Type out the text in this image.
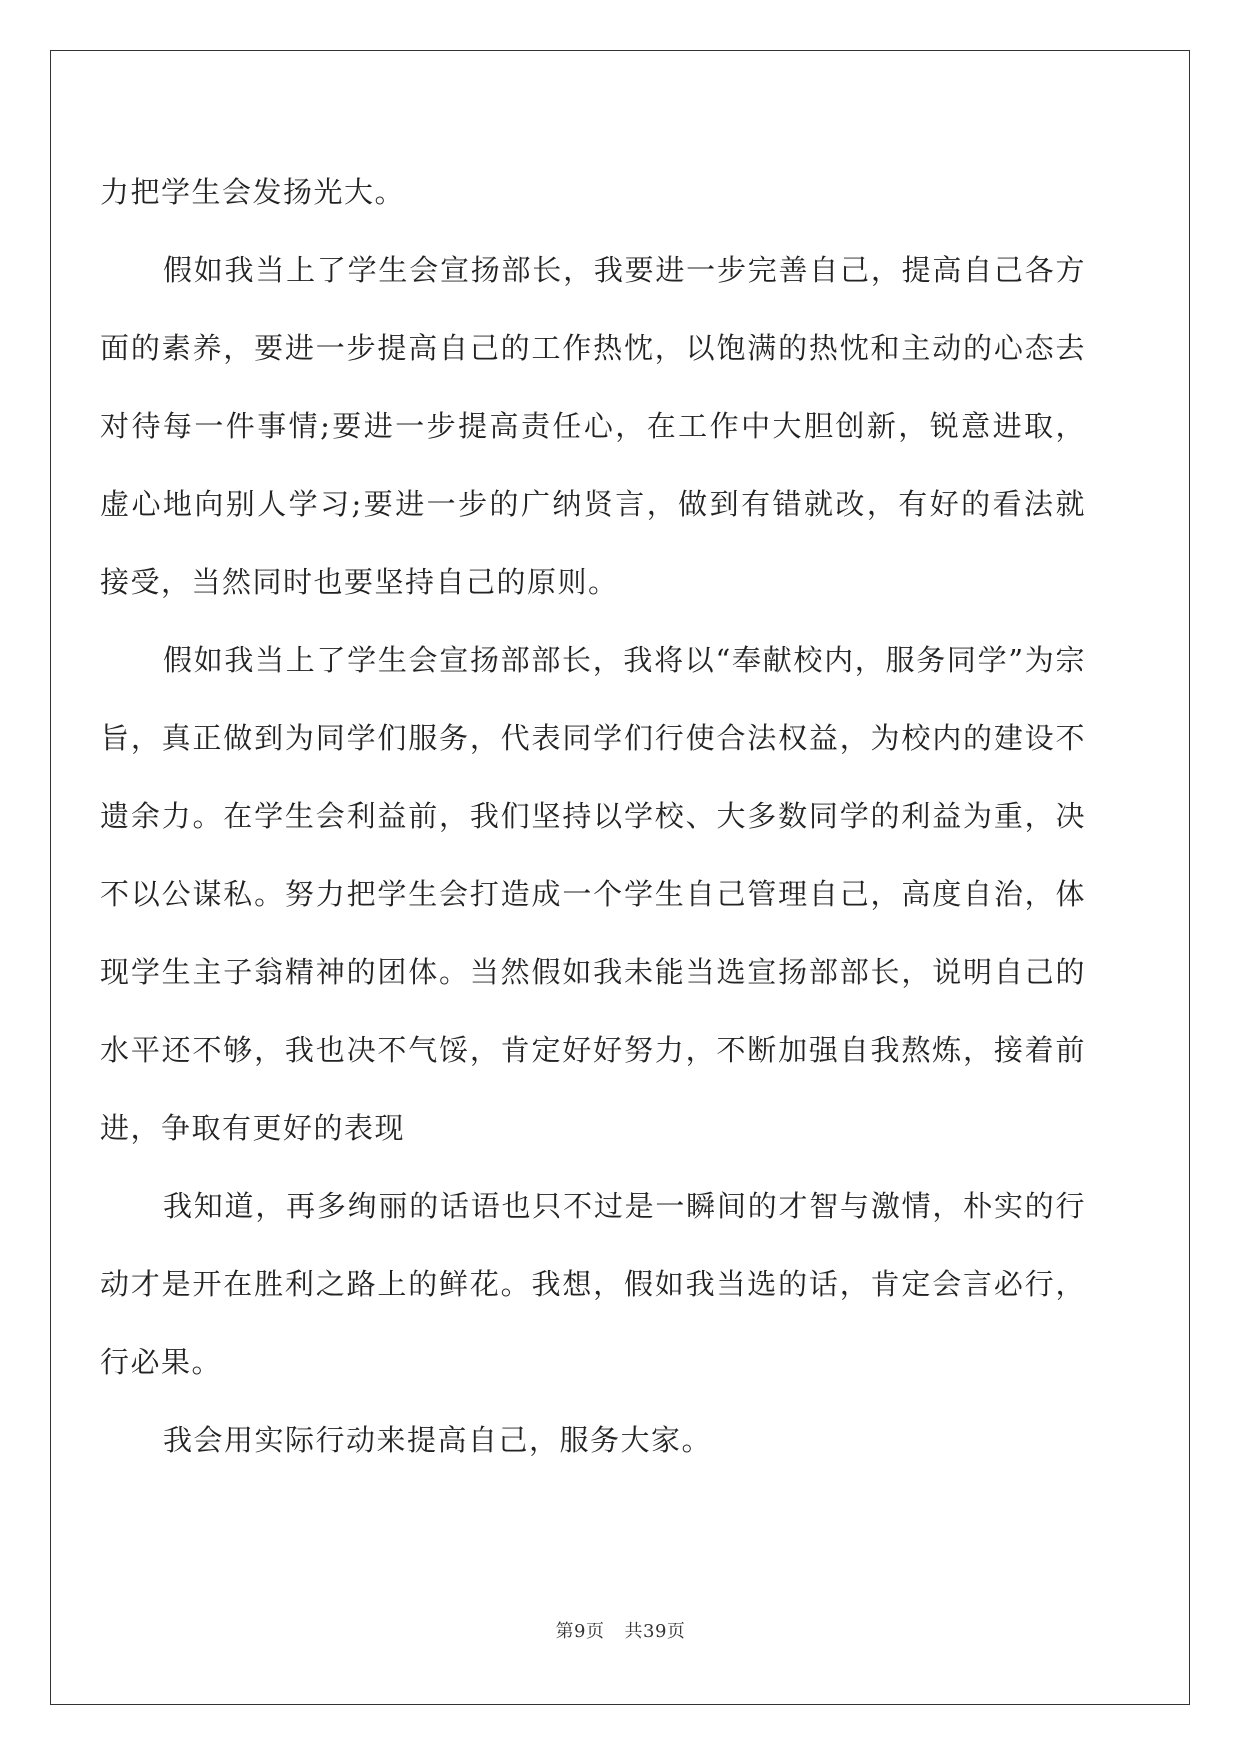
力把学生会发扬光大。

假如我当上了学生会宣扬部长，我要进一步完善自己，提高自己各方面的素养，要进一步提高自己的工作热忱，以饱满的热忱和主动的心态去对待每一件事情;要进一步提高责任心，在工作中大胆创新，锐意进取，虚心地向别人学习;要进一步的广纳贤言，做到有错就改，有好的看法就接受，当然同时也要坚持自己的原则。

假如我当上了学生会宣扬部部长，我将以“奉献校内，服务同学”为宗旨，真正做到为同学们服务，代表同学们行使合法权益，为校内的建设不遗余力。在学生会利益前，我们坚持以学校、大多数同学的利益为重，决不以公谋私。努力把学生会打造成一个学生自己管理自己，高度自治，体现学生主子翁精神的团体。当然假如我未能当选宣扬部部长，说明自己的水平还不够，我也决不气馁，肯定好好努力，不断加强自我熬炼，接着前进，争取有更好的表现

我知道，再多绚丽的话语也只不过是一瞬间的才智与激情，朴实的行动才是开在胜利之路上的鲜花。我想，假如我当选的话，肯定会言必行，行必果。

我会用实际行动来提高自己，服务大家。

第9页 共39页
